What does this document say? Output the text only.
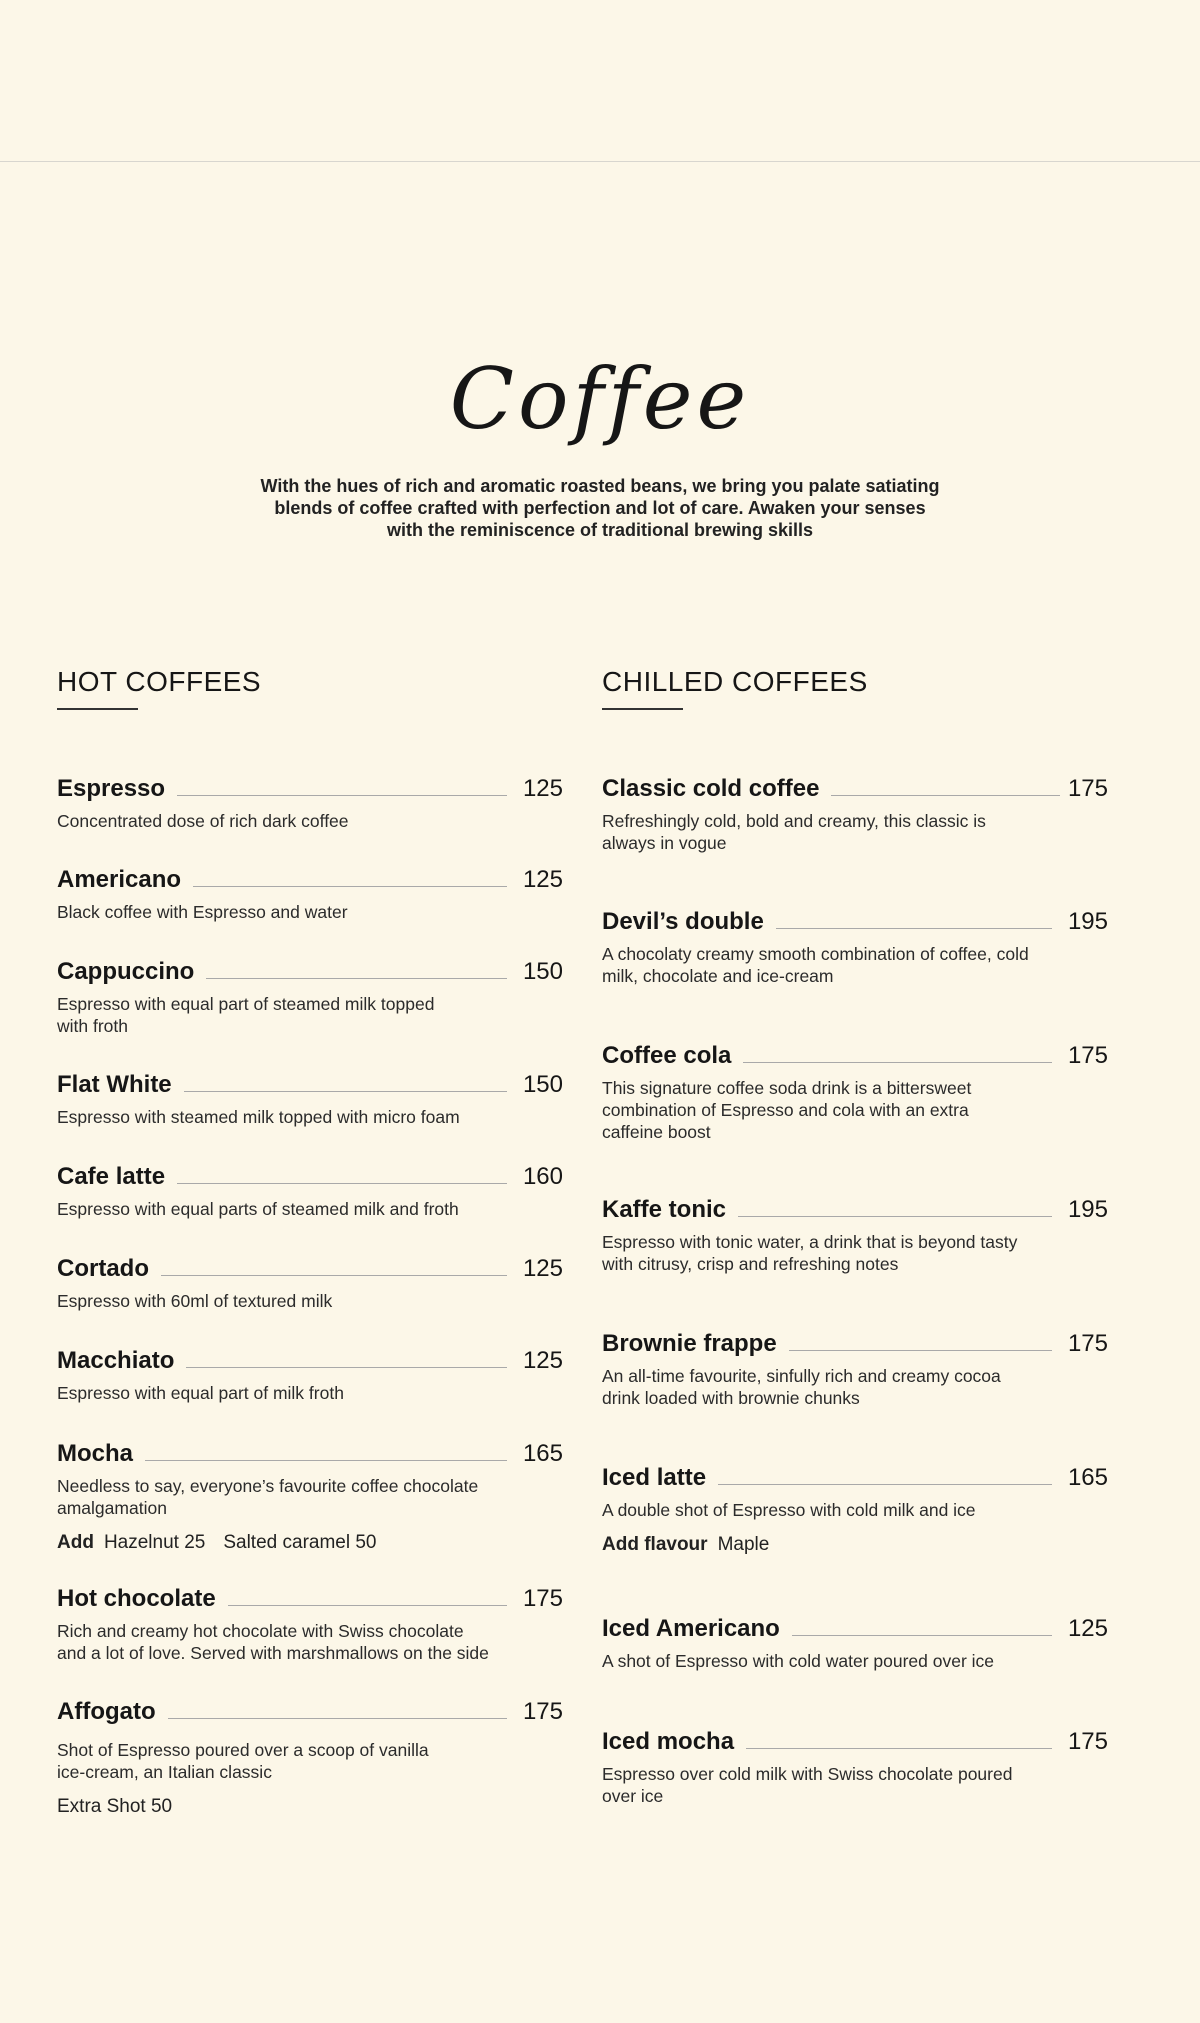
Coffee

With the hues of rich and aromatic roasted beans, we bring you palate satiating
blends of coffee crafted with perfection and lot of care. Awaken your senses
with the reminiscence of traditional brewing skills

HOT COFFEES
Espresso	125

Concentrated dose of rich dark coffee

Americano	125

Black coffee with Espresso and water

Cappuccino	150

Espresso with equal part of steamed milk topped
with froth

Flat White	150

Espresso with steamed milk topped with micro foam

Cafe latte	160

Espresso with equal parts of steamed milk and froth

Cortado	125

Espresso with 60ml of textured milk

Macchiato	125

Espresso with equal part of milk froth

Mocha	165

Needless to say, everyone’s favourite coffee chocolate
amalgamation

Add Hazelnut 25 Salted caramel 50

Hot chocolate	175

Rich and creamy hot chocolate with Swiss chocolate
and a lot of love. Served with marshmallows on the side

Affogato	175

Shot of Espresso poured over a scoop of vanilla
ice-cream, an Italian classic

Extra Shot 50

CHILLED COFFEES
Classic cold coffee	175

Refreshingly cold, bold and creamy, this classic is
always in vogue

Devil’s double	195

A chocolaty creamy smooth combination of coffee, cold
milk, chocolate and ice-cream

Coffee cola	175

This signature coffee soda drink is a bittersweet
combination of Espresso and cola with an extra
caffeine boost

Kaffe tonic	195

Espresso with tonic water, a drink that is beyond tasty
with citrusy, crisp and refreshing notes

Brownie frappe	175

An all-time favourite, sinfully rich and creamy cocoa
drink loaded with brownie chunks

Iced latte	165

A double shot of Espresso with cold milk and ice

Add flavour Maple

Iced Americano	125

A shot of Espresso with cold water poured over ice

Iced mocha	175

Espresso over cold milk with Swiss chocolate poured
over ice
